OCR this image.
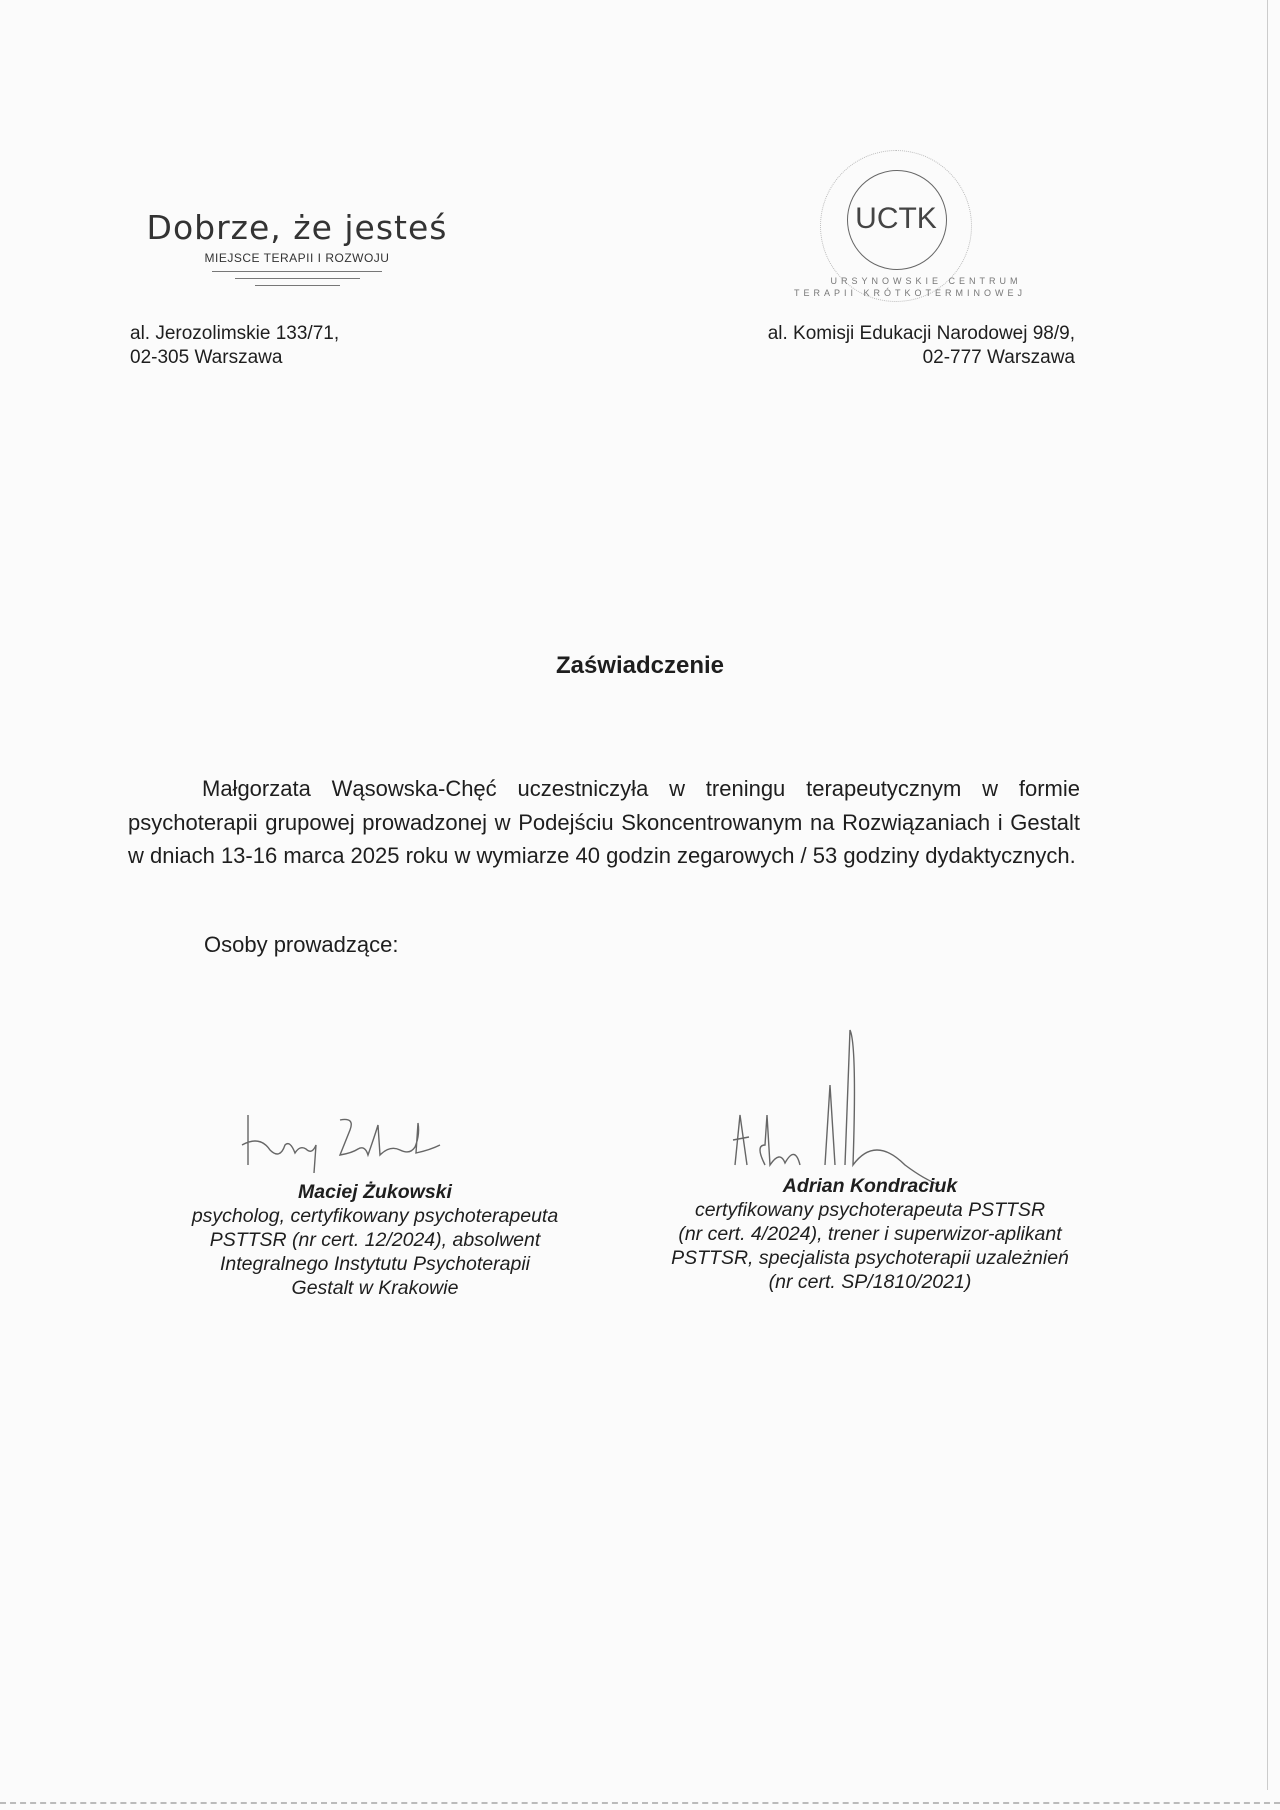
Dobrze, że jesteś
MIEJSCE TERAPII I ROZWOJU
al. Jerozolimskie 133/71,
02-305 Warszawa
UCTK
URSYNOWSKIE CENTRUM
TERAPII KRÓTKOTERMINOWEJ
al. Komisji Edukacji Narodowej 98/9,
02-777 Warszawa
Zaświadczenie
Małgorzata Wąsowska-Chęć uczestniczyła w treningu terapeutycznym w formie psychoterapii grupowej prowadzonej w Podejściu Skoncentrowanym na Rozwiązaniach i Gestalt w dniach 13-16 marca 2025 roku w wymiarze 40 godzin zegarowych / 53 godziny dydaktycznych.
Osoby prowadzące:
Maciej Żukowski
psycholog, certyfikowany psychoterapeuta
PSTTSR (nr cert. 12/2024), absolwent
Integralnego Instytutu Psychoterapii
Gestalt w Krakowie
Adrian Kondraciuk
certyfikowany psychoterapeuta PSTTSR
(nr cert. 4/2024), trener i superwizor-aplikant
PSTTSR, specjalista psychoterapii uzależnień
(nr cert. SP/1810/2021)
